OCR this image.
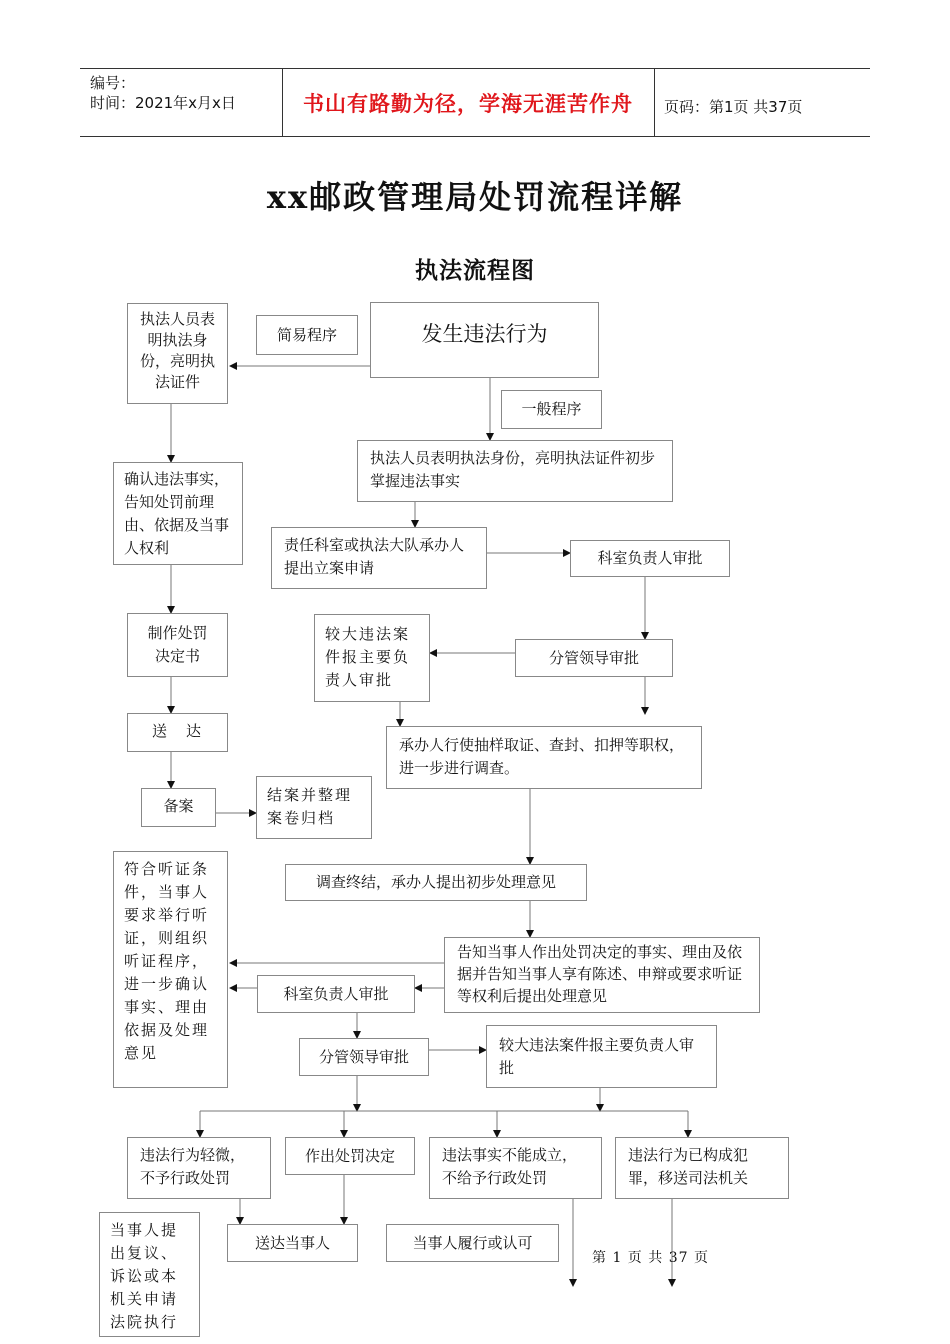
编号：
时间：2021年x月x日	书山有路勤为径，学海无涯苦作舟	页码：第1页 共37页
xx邮政管理局处罚流程详解
执法流程图
执法人员表明执法身份，亮明执法证件
简易程序
确认违法事实，告知处罚前理由、依据及当事人权利
制作处罚决定书
送　达
备案
结案并整理案卷归档
发生违法行为
一般程序
执法人员表明执法身份，亮明执法证件初步掌握违法事实
责任科室或执法大队承办人提出立案申请
科室负责人审批
较大违法案件报主要负责人审批
分管领导审批
承办人行使抽样取证、查封、扣押等职权，进一步进行调查。
调查终结，承办人提出初步处理意见
告知当事人作出处罚决定的事实、理由及依据并告知当事人享有陈述、申辩或要求听证等权利后提出处理意见
符合听证条件，当事人要求举行听证，则组织听证程序，进一步确认事实、理由依据及处理意见
科室负责人审批
分管领导审批
较大违法案件报主要负责人审批
违法行为轻微，不予行政处罚
作出处罚决定	违法事实不能成立，不给予行政处罚
违法行为已构成犯罪，移送司法机关
当事人提出复议、诉讼或本机关申请法院执行
送达当事人	当事人履行或认可
第 1 页 共 37 页
